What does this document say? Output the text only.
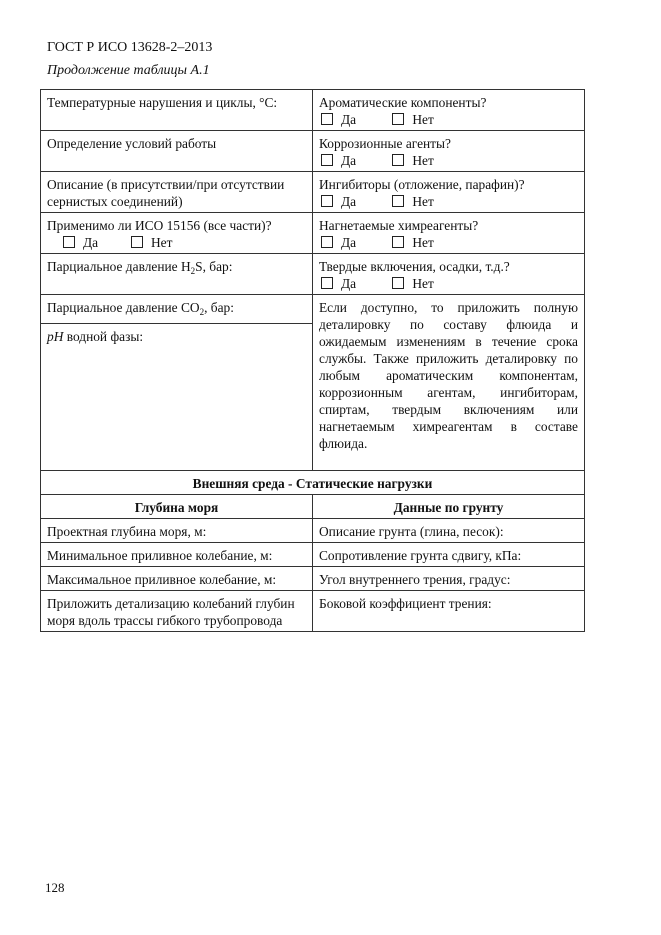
ГОСТ Р ИСО 13628-2–2013
Продолжение таблицы А.1
Температурные нарушения и циклы, °С:	Ароматические компоненты?
Да Нет

Определение условий работы	Коррозионные агенты?
Да Нет

Описание (в присутствии/при отсутствии сернистых соединений)	Ингибиторы (отложение, парафин)?
Да Нет

Применимо ли ИСО 15156 (все части)? Да Нет	Нагнетаемые химреагенты?
Да Нет

Парциальное давление $H_2S$, бар:	Твердые включения, осадки, т.д.?
Да Нет

Парциальное давление $CO_2$, бар:	Если доступно, то приложить полную деталировку по составу флюида и ожидаемым изменениям в течение срока службы. Также приложить деталировку по любым ароматическим компонентам, коррозионным агентам, ингибиторам, спиртам, твердым включениям или нагнетаемым химреагентам в составе флюида.
pH водной фазы:	
Внешняя среда - Статические нагрузки	
Глубина моря	Данные по грунту
Проектная глубина моря, м:	Описание грунта (глина, песок):
Минимальное приливное колебание, м:	Сопротивление грунта сдвигу, кПа:
Максимальное приливное колебание, м:	Угол внутреннего трения, градус:
Приложить детализацию колебаний глубин моря вдоль трассы гибкого трубопровода	Боковой коэффициент трения:
128
